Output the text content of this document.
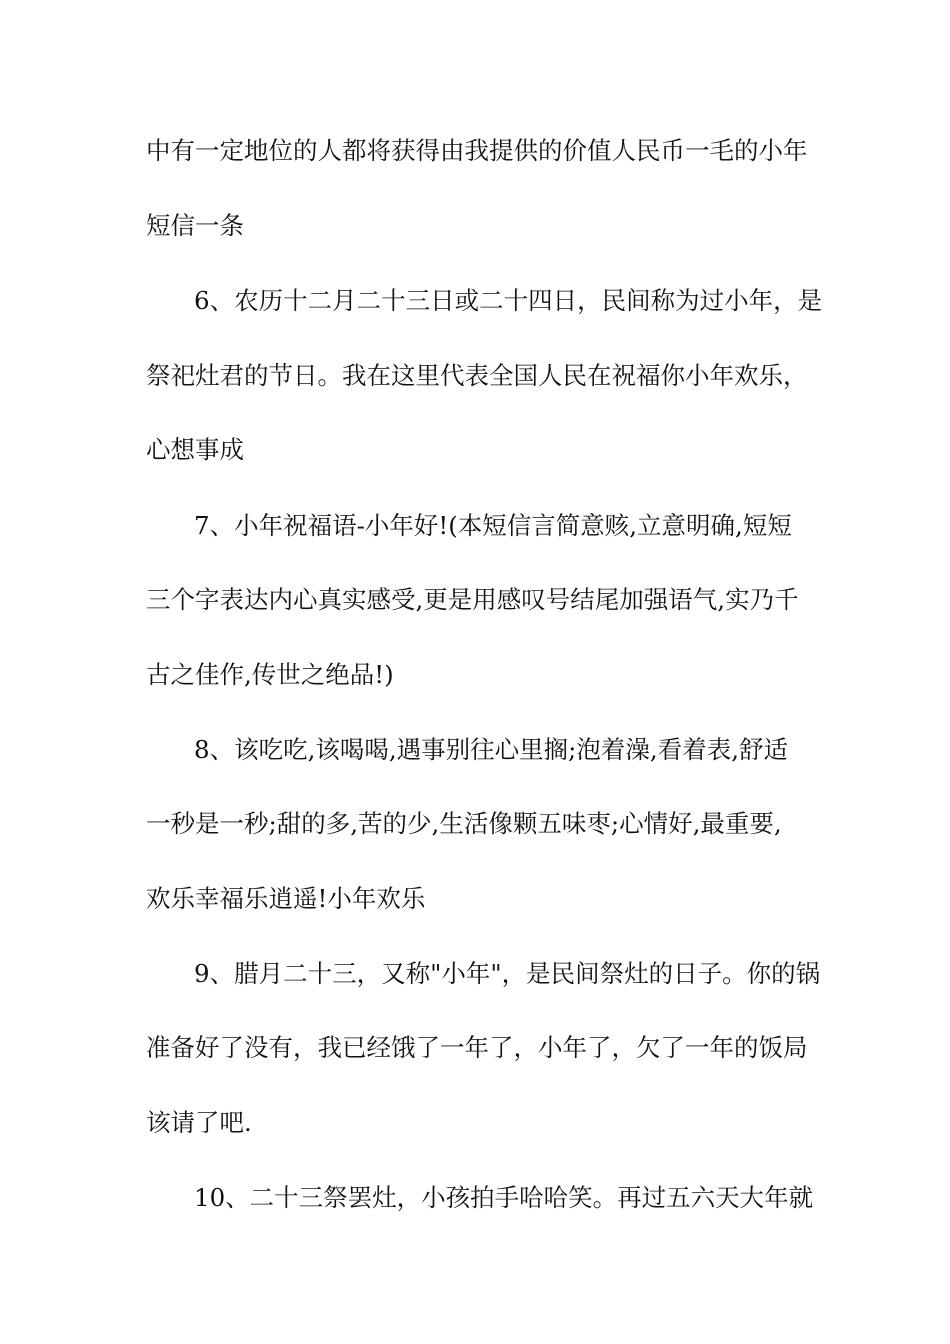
中有一定地位的人都将获得由我提供的价值人民币一毛的小年
短信一条
6、农历十二月二十三日或二十四日，民间称为过小年，是
祭祀灶君的节日。我在这里代表全国人民在祝福你小年欢乐，
心想事成
7、小年祝福语-小年好!(本短信言简意赅,立意明确,短短
三个字表达内心真实感受,更是用感叹号结尾加强语气,实乃千
古之佳作,传世之绝品!)
8、该吃吃,该喝喝,遇事别往心里搁;泡着澡,看着表,舒适
一秒是一秒;甜的多,苦的少,生活像颗五味枣;心情好,最重要,
欢乐幸福乐逍遥!小年欢乐
9、腊月二十三，又称"小年"，是民间祭灶的日子。你的锅
准备好了没有，我已经饿了一年了，小年了，欠了一年的饭局
该请了吧.
10、二十三祭罢灶，小孩拍手哈哈笑。再过五六天大年就
